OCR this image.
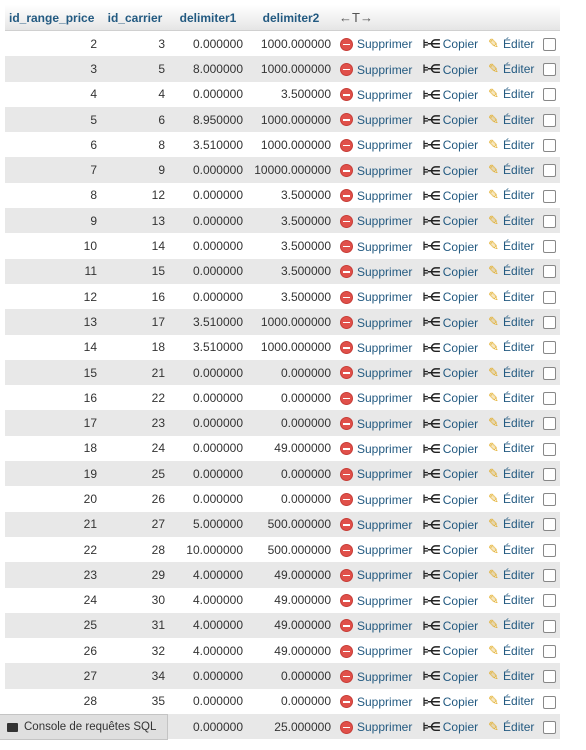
id_range_price	id_carrier	delimiter1	delimiter2	←T→			
2	3	0.000000	1000.000000	Supprimer	⊧⋲ Copier	✎ Éditer	
3	5	8.000000	1000.000000	Supprimer	⊧⋲ Copier	✎ Éditer	
4	4	0.000000	3.500000	Supprimer	⊧⋲ Copier	✎ Éditer	
5	6	8.950000	1000.000000	Supprimer	⊧⋲ Copier	✎ Éditer	
6	8	3.510000	1000.000000	Supprimer	⊧⋲ Copier	✎ Éditer	
7	9	0.000000	10000.000000	Supprimer	⊧⋲ Copier	✎ Éditer	
8	12	0.000000	3.500000	Supprimer	⊧⋲ Copier	✎ Éditer	
9	13	0.000000	3.500000	Supprimer	⊧⋲ Copier	✎ Éditer	
10	14	0.000000	3.500000	Supprimer	⊧⋲ Copier	✎ Éditer	
11	15	0.000000	3.500000	Supprimer	⊧⋲ Copier	✎ Éditer	
12	16	0.000000	3.500000	Supprimer	⊧⋲ Copier	✎ Éditer	
13	17	3.510000	1000.000000	Supprimer	⊧⋲ Copier	✎ Éditer	
14	18	3.510000	1000.000000	Supprimer	⊧⋲ Copier	✎ Éditer	
15	21	0.000000	0.000000	Supprimer	⊧⋲ Copier	✎ Éditer	
16	22	0.000000	0.000000	Supprimer	⊧⋲ Copier	✎ Éditer	
17	23	0.000000	0.000000	Supprimer	⊧⋲ Copier	✎ Éditer	
18	24	0.000000	49.000000	Supprimer	⊧⋲ Copier	✎ Éditer	
19	25	0.000000	0.000000	Supprimer	⊧⋲ Copier	✎ Éditer	
20	26	0.000000	0.000000	Supprimer	⊧⋲ Copier	✎ Éditer	
21	27	5.000000	500.000000	Supprimer	⊧⋲ Copier	✎ Éditer	
22	28	10.000000	500.000000	Supprimer	⊧⋲ Copier	✎ Éditer	
23	29	4.000000	49.000000	Supprimer	⊧⋲ Copier	✎ Éditer	
24	30	4.000000	49.000000	Supprimer	⊧⋲ Copier	✎ Éditer	
25	31	4.000000	49.000000	Supprimer	⊧⋲ Copier	✎ Éditer	
26	32	4.000000	49.000000	Supprimer	⊧⋲ Copier	✎ Éditer	
27	34	0.000000	0.000000	Supprimer	⊧⋲ Copier	✎ Éditer	
28	35	0.000000	0.000000	Supprimer	⊧⋲ Copier	✎ Éditer	
		0.000000	25.000000	Supprimer	⊧⋲ Copier	✎ Éditer	
Console de requêtes SQL
